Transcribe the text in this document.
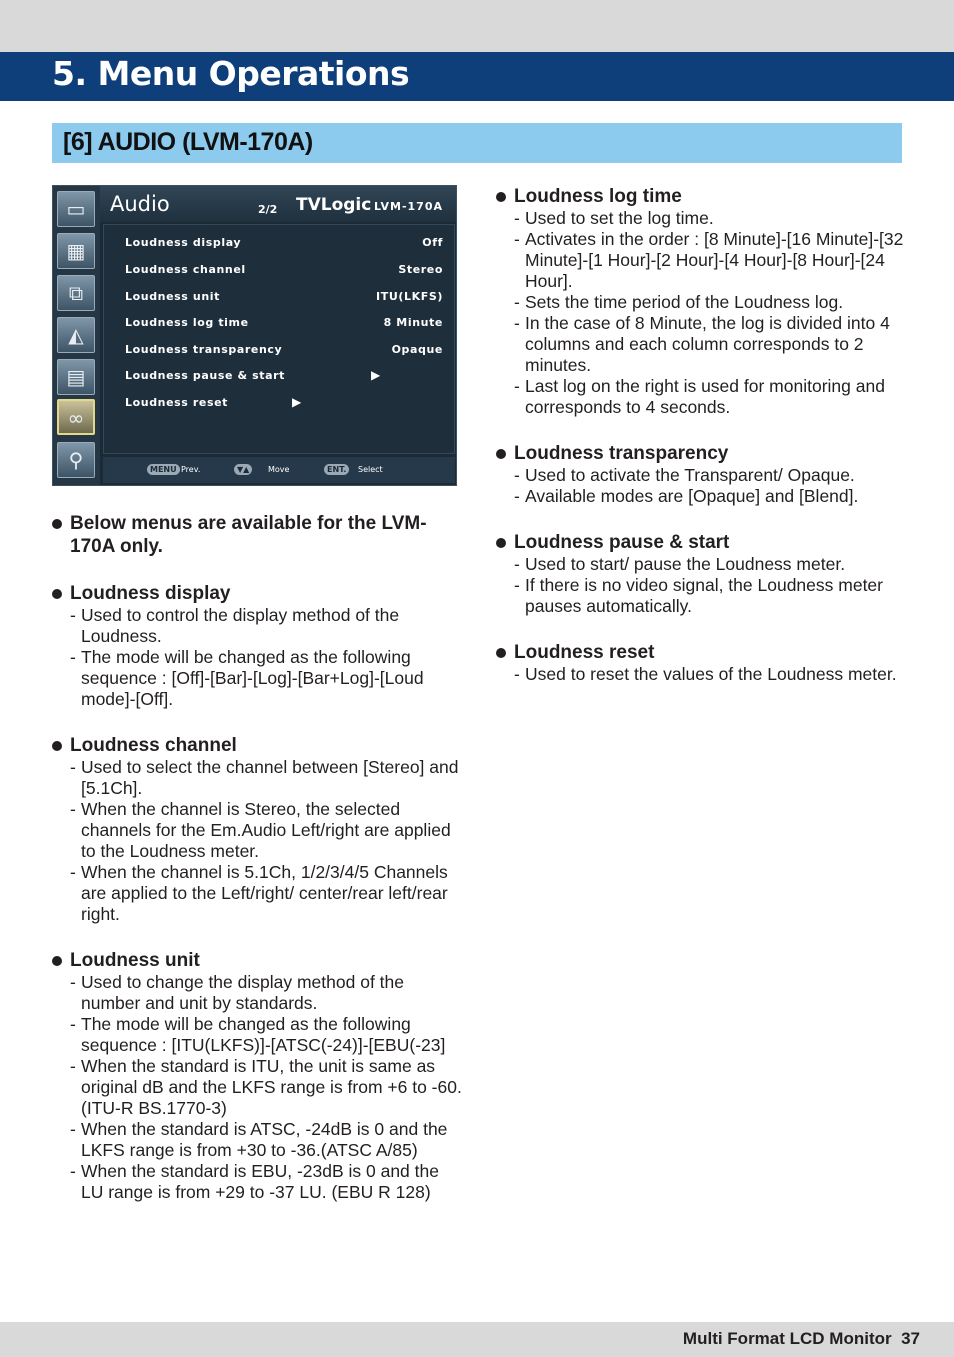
5. Menu Operations
[6] AUDIO (LVM-170A)
▭
▦
⧉
◭
▤
∞
⚲
Audio	2/2 TVLogic LVM-170A
Loudness display	Off
Loudness channel	Stereo
Loudness unit	ITU(LKFS)
Loudness log time	8 Minute
Loudness transparency	Opaque
Loudness pause & start	▶
Loudness reset	▶
MENU Prev.	▼▲	Move	ENT.	Select
Below menus are available for the LVM-170A only.
Loudness display
- Used to control the display method of the Loudness.
- The mode will be changed as the following sequence : [Off]-[Bar]-[Log]-[Bar+Log]-[Loud mode]-[Off].
Loudness channel
- Used to select the channel between [Stereo] and [5.1Ch].
- When the channel is Stereo, the selected channels for the Em.Audio Left/right are applied to the Loudness meter.
- When the channel is 5.1Ch, 1/2/3/4/5 Channels are applied to the Left/right/ center/rear left/rear right.
Loudness unit
- Used to change the display method of the number and unit by standards.
- The mode will be changed as the following sequence : [ITU(LKFS)]-[ATSC(-24)]-[EBU(-23]
- When the standard is ITU, the unit is same as original dB and the LKFS range is from +6 to -60. (ITU-R BS.1770-3)
- When the standard is ATSC, -24dB is 0 and the LKFS range is from +30 to -36.(ATSC A/85)
- When the standard is EBU, -23dB is 0 and the LU range is from +29 to -37 LU. (EBU R 128)
Loudness log time
- Used to set the log time.
- Activates in the order : [8 Minute]-[16 Minute]-[32 Minute]-[1 Hour]-[2 Hour]-[4 Hour]-[8 Hour]-[24 Hour].
- Sets the time period of the Loudness log.
- In the case of 8 Minute, the log is divided into 4 columns and each column corresponds to 2 minutes.
- Last log on the right is used for monitoring and corresponds to 4 seconds.
Loudness transparency
- Used to activate the Transparent/ Opaque.
- Available modes are [Opaque] and [Blend].
Loudness pause & start
- Used to start/ pause the Loudness meter.
- If there is no video signal, the Loudness meter pauses automatically.
Loudness reset
- Used to reset the values of the Loudness meter.
Multi Format LCD Monitor 37
